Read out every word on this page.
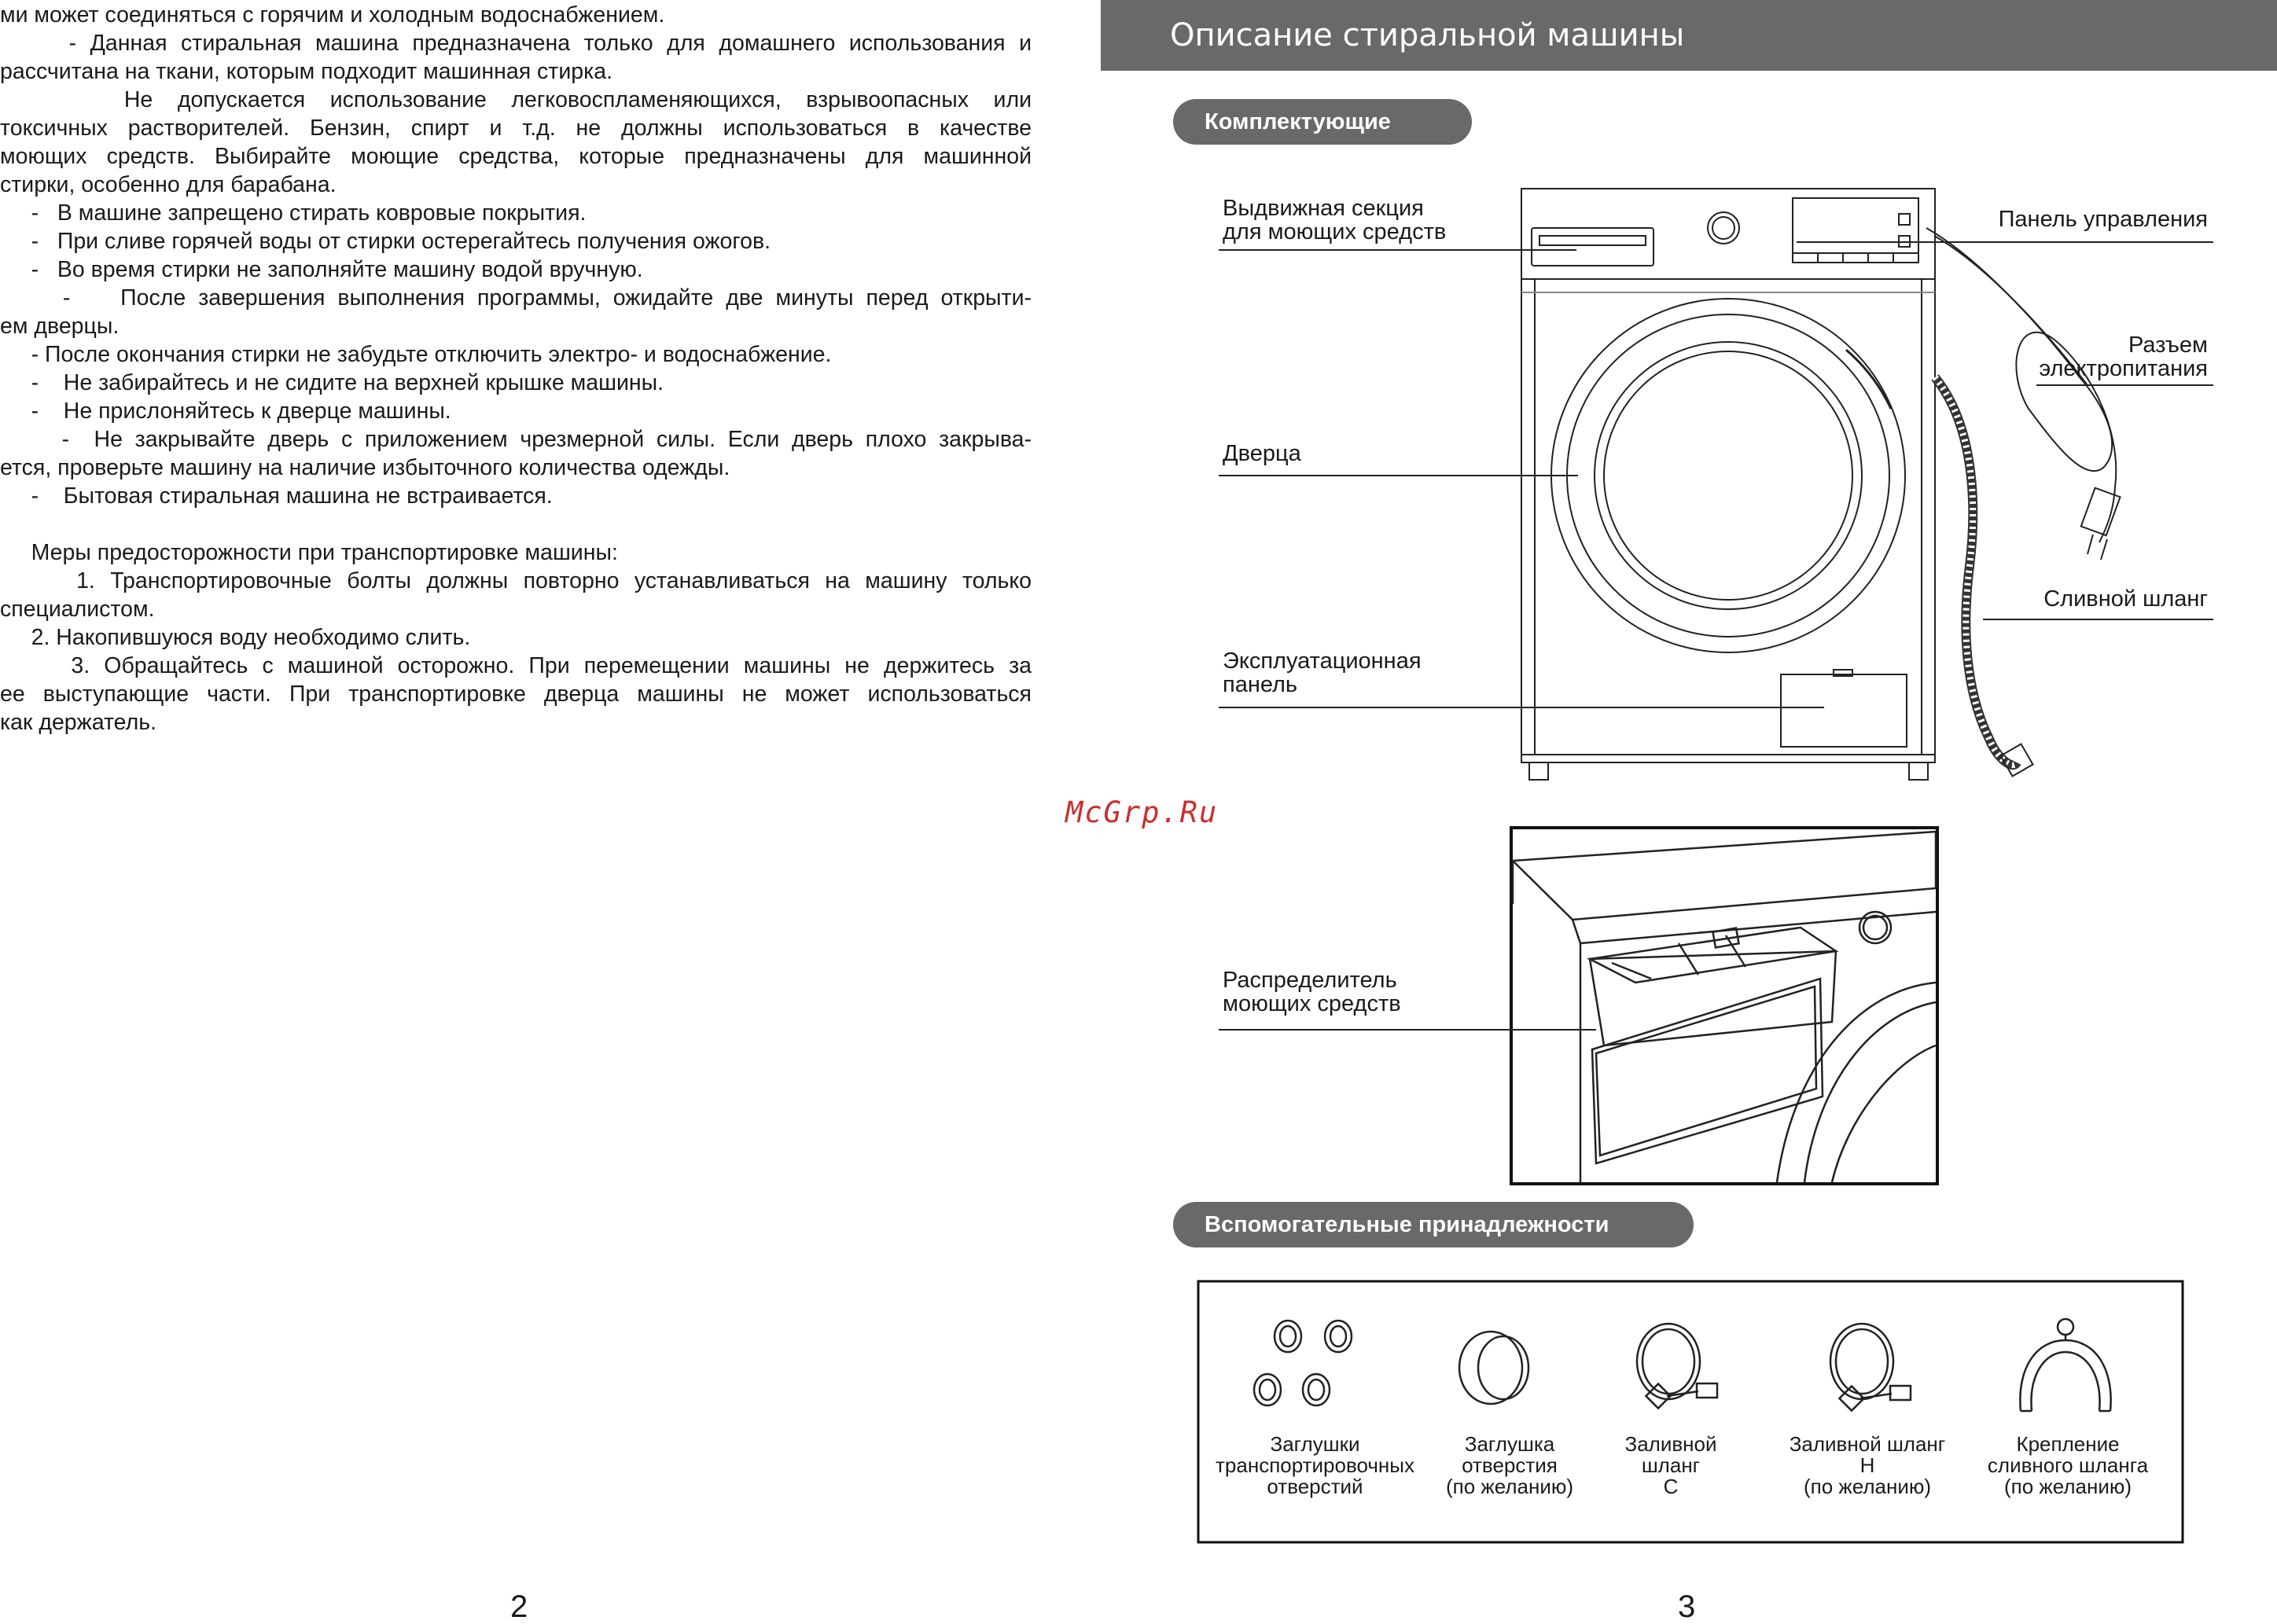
ми может соединяться с горячим и холодным водоснабжением.
- Данная стиральная машина предназначена только для домашнего использования и
рассчитана на ткани, которым подходит машинная стирка.
Не допускается использование легковоспламеняющихся, взрывоопасных или
токсичных растворителей. Бензин, спирт и т.д. не должны использоваться в качестве
моющих средств. Выбирайте моющие средства, которые предназначены для машинной
стирки, особенно для барабана.
-   В машине запрещено стирать ковровые покрытия.
-   При сливе горячей воды от стирки остерегайтесь получения ожогов.
-   Во время стирки не заполняйте машину водой вручную.
-    После завершения выполнения программы, ожидайте две минуты перед открыти-
ем дверцы.
- После окончания стирки не забудьте отключить электро- и водоснабжение.
-    Не забирайтесь и не сидите на верхней крышке машины.
-    Не прислоняйтесь к дверце машины.
-  Не закрывайте дверь с приложением чрезмерной силы. Если дверь плохо закрыва-
ется, проверьте машину на наличие избыточного количества одежды.
-    Бытовая стиральная машина не встраивается.
Меры предосторожности при транспортировке машины:
1. Транспортировочные болты должны повторно устанавливаться на машину только
специалистом.
2. Накопившуюся воду необходимо слить.
3. Обращайтесь с машиной осторожно. При перемещении машины не держитесь за
ее выступающие части. При транспортировке дверца машины не может использоваться
как держатель.
2
Описание стиральной машины
Комплектующие
Выдвижная секция
для моющих средств	Панель управления
Разъем
электропитания
Дверца
Сливной шланг
Эксплуатационная
панель
Распределитель
моющих средств
McGrp.Ru
Вспомогательные принадлежности
Заглушки
транспортировочных
отверстий
Заглушка
отверстия
(по желанию)
Заливной
шланг
C
Заливной шланг
H
(по желанию)
Крепление
сливного шланга
(по желанию)
3
